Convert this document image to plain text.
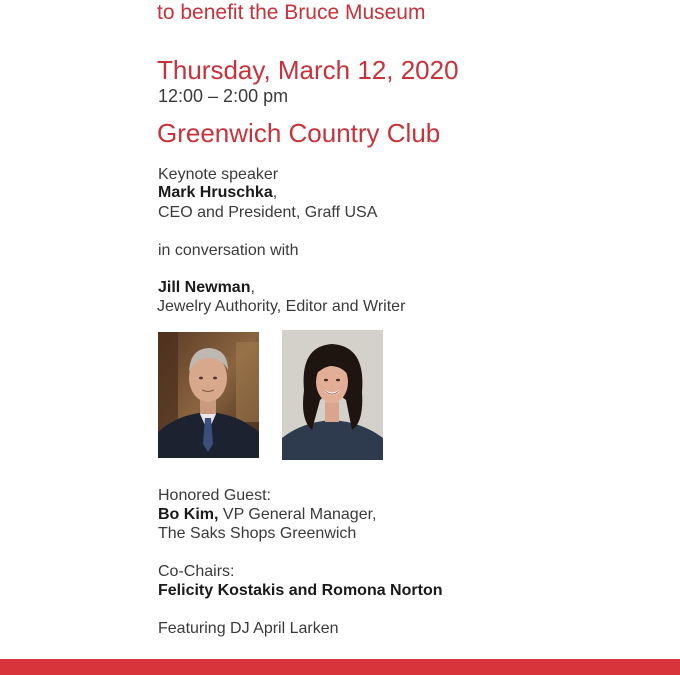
to benefit the Bruce Museum
Thursday, March 12, 2020
12:00 – 2:00 pm
Greenwich Country Club
Keynote speaker
Mark Hruschka,
CEO and President, Graff USA
in conversation with
Jill Newman,
Jewelry Authority, Editor and Writer
Honored Guest:
Bo Kim, VP General Manager,
The Saks Shops Greenwich
Co-Chairs:
Felicity Kostakis and Romona Norton
Featuring DJ April Larken
